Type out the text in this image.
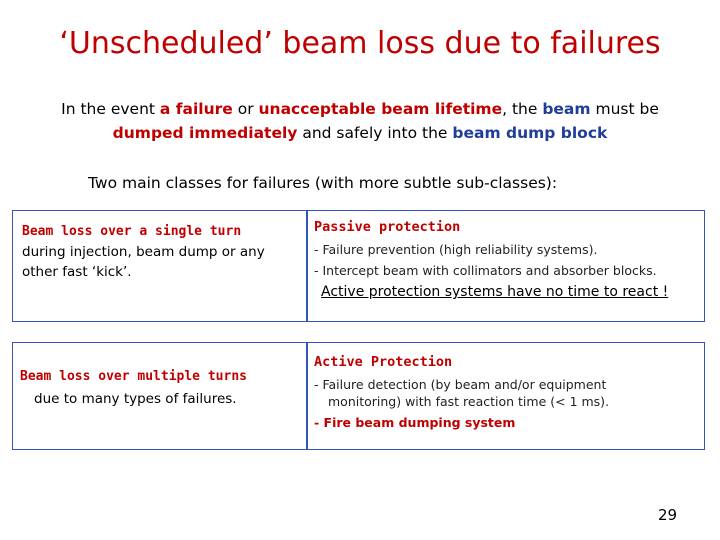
‘Unscheduled’ beam loss due to failures
In the event a failure or unacceptable beam lifetime, the beam must be
dumped immediately and safely into the beam dump block
Two main classes for failures (with more subtle sub-classes):
Beam loss over a single turn
during injection, beam dump or any
other fast ‘kick’.
Passive protection
- Failure prevention (high reliability systems).
- Intercept beam with collimators and absorber blocks.
Active protection systems have no time to react !
Beam loss over multiple turns
due to many types of failures.
Active Protection
- Failure detection (by beam and/or equipment
monitoring) with fast reaction time (< 1 ms).
- Fire beam dumping system
29
